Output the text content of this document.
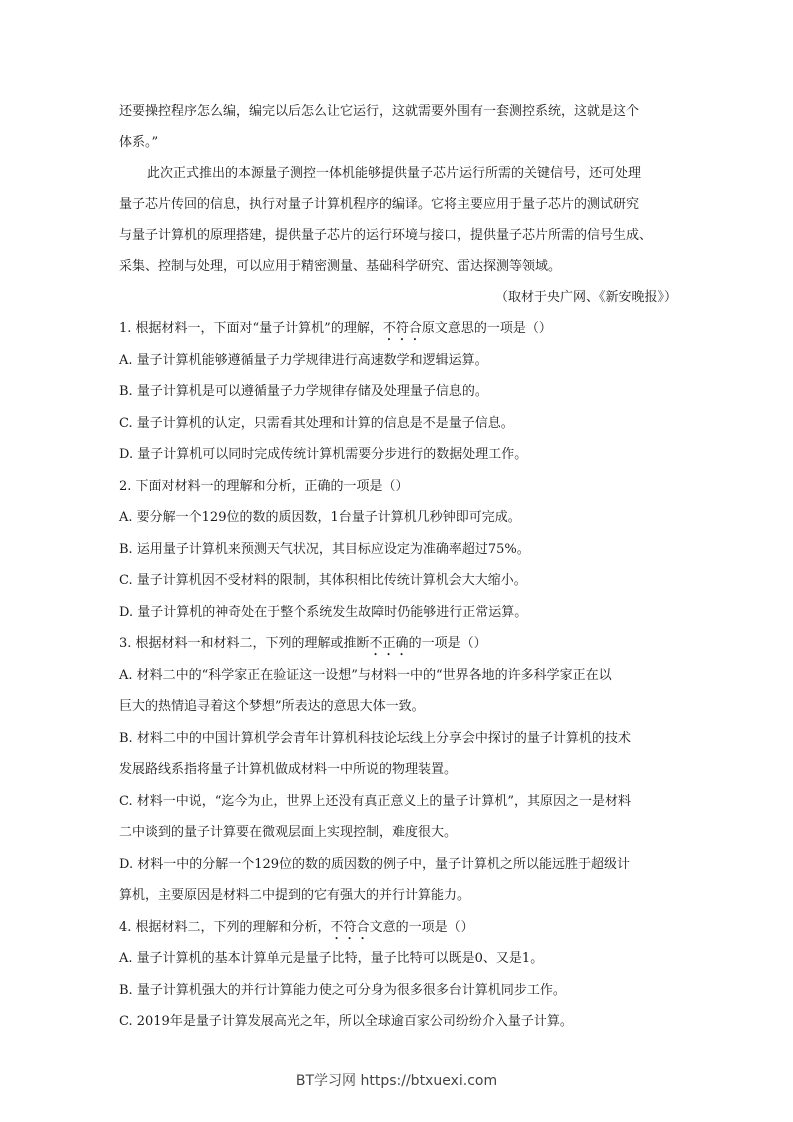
还要操控程序怎么编，编完以后怎么让它运行，这就需要外围有一套测控系统，这就是这个
体系。”
此次正式推出的本源量子测控一体机能够提供量子芯片运行所需的关键信号，还可处理
量子芯片传回的信息，执行对量子计算机程序的编译。它将主要应用于量子芯片的测试研究
与量子计算机的原理搭建，提供量子芯片的运行环境与接口，提供量子芯片所需的信号生成、
采集、控制与处理，可以应用于精密测量、基础科学研究、雷达探测等领域。
（取材于央广网、《新安晚报》）
1. 根据材料一，下面对“量子计算机”的理解，不符合原文意思的一项是（）
A. 量子计算机能够遵循量子力学规律进行高速数学和逻辑运算。
B. 量子计算机是可以遵循量子力学规律存储及处理量子信息的。
C. 量子计算机的认定，只需看其处理和计算的信息是不是量子信息。
D. 量子计算机可以同时完成传统计算机需要分步进行的数据处理工作。
2. 下面对材料一的理解和分析，正确的一项是（）
A. 要分解一个129位的数的质因数，1台量子计算机几秒钟即可完成。
B. 运用量子计算机来预测天气状况，其目标应设定为准确率超过75%。
C. 量子计算机因不受材料的限制，其体积相比传统计算机会大大缩小。
D. 量子计算机的神奇处在于整个系统发生故障时仍能够进行正常运算。
3. 根据材料一和材料二，下列的理解或推断不正确的一项是（）
A. 材料二中的“科学家正在验证这一设想”与材料一中的“世界各地的许多科学家正在以
巨大的热情追寻着这个梦想”所表达的意思大体一致。
B. 材料二中的中国计算机学会青年计算机科技论坛线上分享会中探讨的量子计算机的技术
发展路线系指将量子计算机做成材料一中所说的物理装置。
C. 材料一中说，“迄今为止，世界上还没有真正意义上的量子计算机”，其原因之一是材料
二中谈到的量子计算要在微观层面上实现控制，难度很大。
D. 材料一中的分解一个129位的数的质因数的例子中，量子计算机之所以能远胜于超级计
算机，主要原因是材料二中提到的它有强大的并行计算能力。
4. 根据材料二，下列的理解和分析，不符合文意的一项是（）
A. 量子计算机的基本计算单元是量子比特，量子比特可以既是0、又是1。
B. 量子计算机强大的并行计算能力使之可分身为很多很多台计算机同步工作。
C. 2019年是量子计算发展高光之年，所以全球逾百家公司纷纷介入量子计算。
BT学习网 https://btxuexi.com
